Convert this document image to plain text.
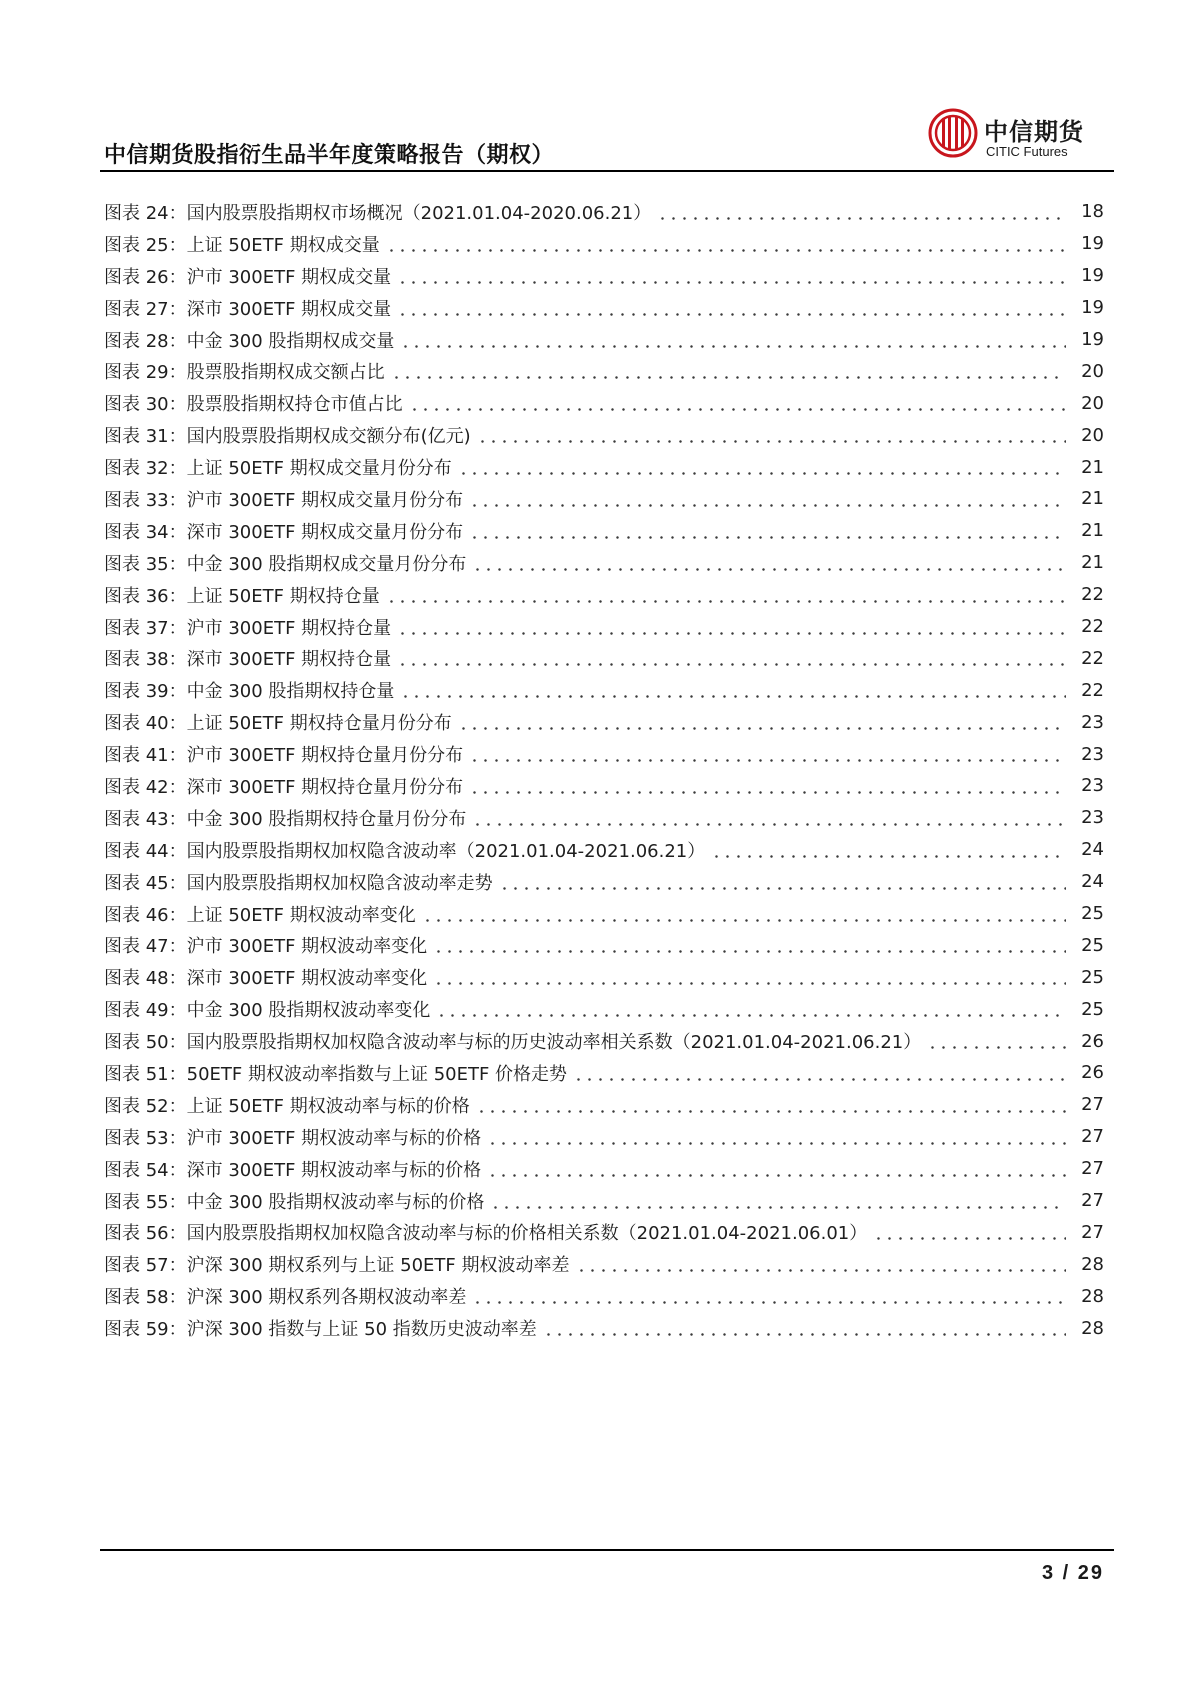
中信期货股指衍生品半年度策略报告（期权）
中信期货
CITIC Futures
图表 24：国内股票股指期权市场概况（2021.01.04-2020.06.21）	18
图表 25：上证 50ETF 期权成交量	19
图表 26：沪市 300ETF 期权成交量	19
图表 27：深市 300ETF 期权成交量	19
图表 28：中金 300 股指期权成交量	19
图表 29：股票股指期权成交额占比	20
图表 30：股票股指期权持仓市值占比	20
图表 31：国内股票股指期权成交额分布(亿元)	20
图表 32：上证 50ETF 期权成交量月份分布	21
图表 33：沪市 300ETF 期权成交量月份分布	21
图表 34：深市 300ETF 期权成交量月份分布	21
图表 35：中金 300 股指期权成交量月份分布	21
图表 36：上证 50ETF 期权持仓量	22
图表 37：沪市 300ETF 期权持仓量	22
图表 38：深市 300ETF 期权持仓量	22
图表 39：中金 300 股指期权持仓量	22
图表 40：上证 50ETF 期权持仓量月份分布	23
图表 41：沪市 300ETF 期权持仓量月份分布	23
图表 42：深市 300ETF 期权持仓量月份分布	23
图表 43：中金 300 股指期权持仓量月份分布	23
图表 44：国内股票股指期权加权隐含波动率（2021.01.04-2021.06.21）	24
图表 45：国内股票股指期权加权隐含波动率走势	24
图表 46：上证 50ETF 期权波动率变化	25
图表 47：沪市 300ETF 期权波动率变化	25
图表 48：深市 300ETF 期权波动率变化	25
图表 49：中金 300 股指期权波动率变化	25
图表 50：国内股票股指期权加权隐含波动率与标的历史波动率相关系数（2021.01.04-2021.06.21）	26
图表 51：50ETF 期权波动率指数与上证 50ETF 价格走势	26
图表 52：上证 50ETF 期权波动率与标的价格	27
图表 53：沪市 300ETF 期权波动率与标的价格	27
图表 54：深市 300ETF 期权波动率与标的价格	27
图表 55：中金 300 股指期权波动率与标的价格	27
图表 56：国内股票股指期权加权隐含波动率与标的价格相关系数（2021.01.04-2021.06.01）	27
图表 57：沪深 300 期权系列与上证 50ETF 期权波动率差	28
图表 58：沪深 300 期权系列各期权波动率差	28
图表 59：沪深 300 指数与上证 50 指数历史波动率差	28
3 / 29
